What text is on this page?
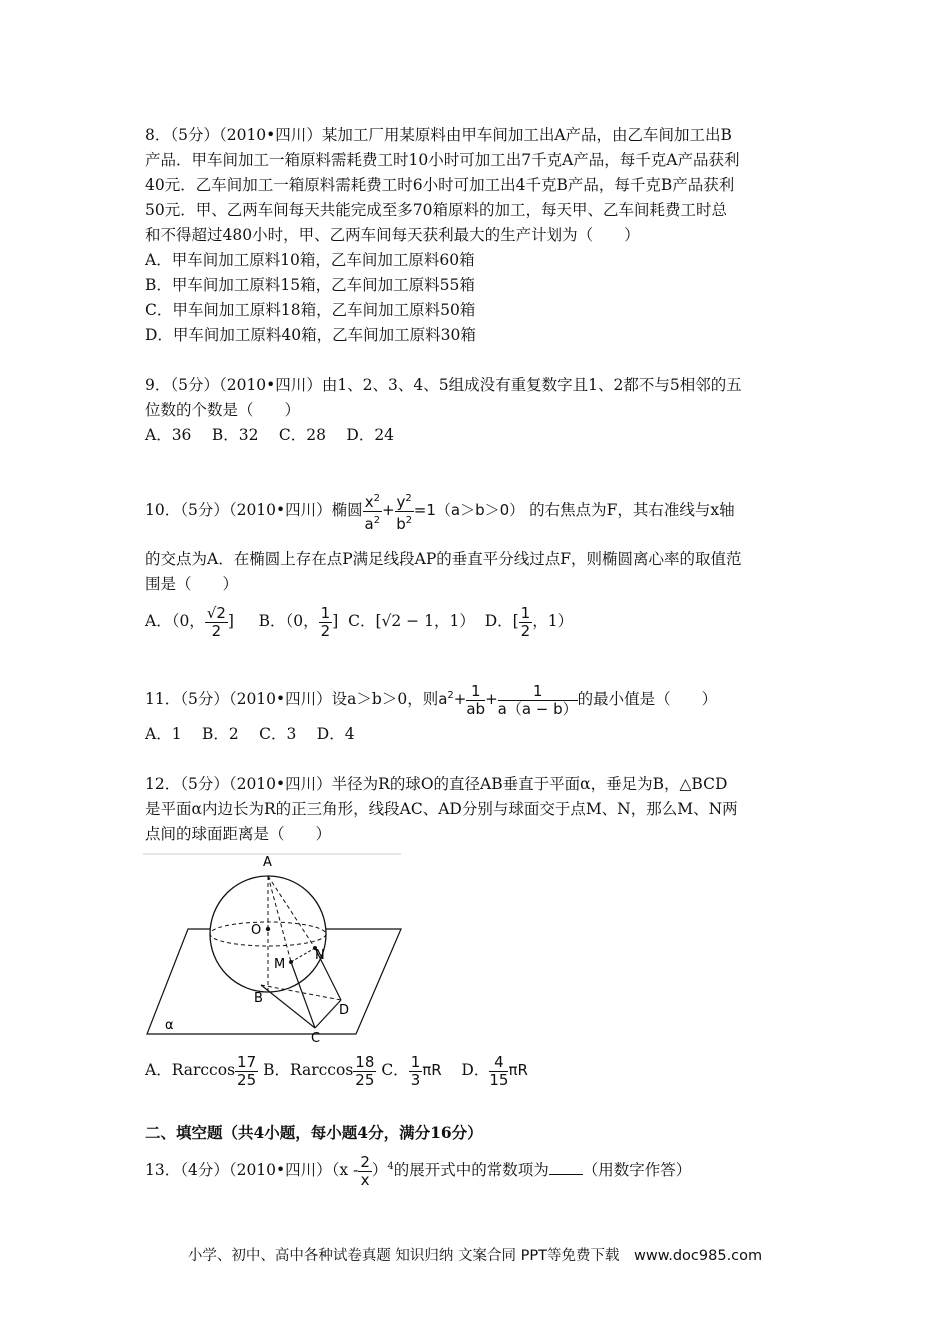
8．（5分）（2010•四川）某加工厂用某原料由甲车间加工出A产品，由乙车间加工出B
产品．甲车间加工一箱原料需耗费工时10小时可加工出7千克A产品，每千克A产品获利
40元．乙车间加工一箱原料需耗费工时6小时可加工出4千克B产品，每千克B产品获利
50元．甲、乙两车间每天共能完成至多70箱原料的加工，每天甲、乙车间耗费工时总
和不得超过480小时，甲、乙两车间每天获利最大的生产计划为（　　）
A．甲车间加工原料10箱，乙车间加工原料60箱
B．甲车间加工原料15箱，乙车间加工原料55箱
C．甲车间加工原料18箱，乙车间加工原料50箱
D．甲车间加工原料40箱，乙车间加工原料30箱
9．（5分）（2010•四川）由1、2、3、4、5组成没有重复数字且1、2都不与5相邻的五
位数的个数是（　　）
A．36　 B．32　 C．28　 D．24
10．（5分）（2010•四川）椭圆 $\frac{x^2}{a^2} + \frac{y^2}{b^2} =1(a>b>0)$ 的右焦点为F，其右准线与x轴
的交点为A．在椭圆上存在点P满足线段AP的垂直平分线过点F，则椭圆离心率的取值范
围是（　　）
A．（0， $\frac{√2}{2}$ ] B．（0， $\frac{1}{2}$ ] C．[√2 − 1，1） D．[ $\frac{1}{2}$ ，1）
11．（5分）（2010•四川）设a＞b＞0，则$a^2+ \frac{1}{ab} + \frac{1}{a(a - b)}$ 的最小值是（　　）
A．1　 B．2　 C．3　 D．4
12．（5分）（2010•四川）半径为R的球O的直径AB垂直于平面α，垂足为B，△BCD
是平面α内边长为R的正三角形，线段AC、AD分别与球面交于点M、N，那么M、N两
点间的球面距离是（　　）
A
O
M
N
B
D
C
α
A．Rarccos $\frac{17}{25}$ B．Rarccos $\frac{18}{25}$ C． $\frac{1}{3}$ πR D． $\frac{4}{15}$ πR
二、填空题（共4小题，每小题4分，满分16分）
13．（4分）（2010•四川）$(x - \frac{2}{x} )^4$的展开式中的常数项为 （用数字作答）
小学、初中、高中各种试卷真题 知识归纳 文案合同 PPT等免费下载　www.doc985.com
